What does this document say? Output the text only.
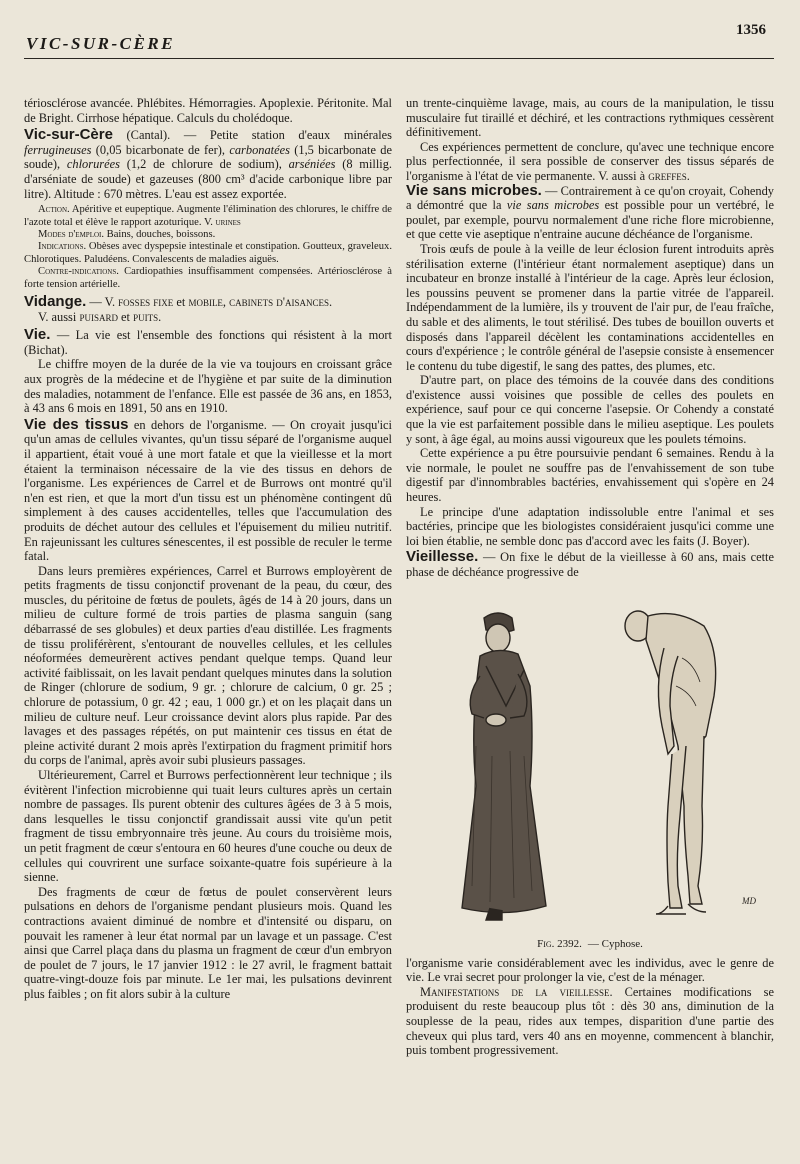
VIC-SUR-CÈRE
1356

tériosclérose avancée. Phlébites. Hémorragies. Apoplexie. Péritonite. Mal de Bright. Cirrhose hépatique. Calculs du cholédoque.

Vic-sur-Cère (Cantal). — Petite station d'eaux minérales ferrugineuses (0,05 bicarbonate de fer), carbonatées (1,5 bicarbonate de soude), chlorurées (1,2 de chlorure de sodium), arséniées (8 millig. d'arséniate de soude) et gazeuses (800 cm³ d'acide carbonique libre par litre). Altitude : 670 mètres. L'eau est assez exportée.

Action. Apéritive et eupeptique. Augmente l'élimination des chlorures, le chiffre de l'azote total et élève le rapport azoturique. V. urines

Modes d'emploi. Bains, douches, boissons.

Indications. Obèses avec dyspepsie intestinale et constipation. Goutteux, graveleux. Chlorotiques. Paludéens. Convalescents de maladies aiguës.

Contre-indications. Cardiopathies insuffisamment compensées. Artériosclérose à forte tension artérielle.

Vidange. — V. fosses fixe et mobile, cabinets d'aisances.

V. aussi puisard et puits.

Vie. — La vie est l'ensemble des fonctions qui résistent à la mort (Bichat).

Le chiffre moyen de la durée de la vie va toujours en croissant grâce aux progrès de la médecine et de l'hygiène et par suite de la diminution des maladies, notamment de l'enfance. Elle est passée de 36 ans, en 1853, à 43 ans 6 mois en 1891, 50 ans en 1910.

Vie des tissus en dehors de l'organisme. — On croyait jusqu'ici qu'un amas de cellules vivantes, qu'un tissu séparé de l'organisme auquel il appartient, était voué à une mort fatale et que la vieillesse et la mort étaient la terminaison nécessaire de la vie des tissus en dehors de l'organisme. Les expériences de Carrel et de Burrows ont montré qu'il n'en est rien, et que la mort d'un tissu est un phénomène contingent dû simplement à des causes accidentelles, telles que l'accumulation des produits de déchet autour des cellules et l'épuisement du milieu nutritif. En rajeunissant les cultures sénescentes, il est possible de reculer le terme fatal.

Dans leurs premières expériences, Carrel et Burrows employèrent de petits fragments de tissu conjonctif provenant de la peau, du cœur, des muscles, du péritoine de fœtus de poulets, âgés de 14 à 20 jours, dans un milieu de culture formé de trois parties de plasma sanguin (sang débarrassé de ses globules) et deux parties d'eau distillée. Les fragments de tissu proliférèrent, s'entourant de nouvelles cellules, et les cellules néoformées demeurèrent actives pendant quelque temps. Quand leur activité faiblissait, on les lavait pendant quelques minutes dans la solution de Ringer (chlorure de sodium, 9 gr. ; chlorure de calcium, 0 gr. 25 ; chlorure de potassium, 0 gr. 42 ; eau, 1 000 gr.) et on les plaçait dans un milieu de culture neuf. Leur croissance devint alors plus rapide. Par des lavages et des passages répétés, on put maintenir ces tissus en état de pleine activité durant 2 mois après l'extirpation du fragment primitif hors du corps de l'animal, après avoir subi plusieurs passages.

Ultérieurement, Carrel et Burrows perfectionnèrent leur technique ; ils évitèrent l'infection microbienne qui tuait leurs cultures après un certain nombre de passages. Ils purent obtenir des cultures âgées de 3 à 5 mois, dans lesquelles le tissu conjonctif grandissait aussi vite qu'un petit fragment de tissu embryonnaire très jeune. Au cours du troisième mois, un petit fragment de cœur s'entoura en 60 heures d'une couche ou deux de cellules qui couvrirent une surface soixante-quatre fois supérieure à la sienne.

Des fragments de cœur de fœtus de poulet conservèrent leurs pulsations en dehors de l'organisme pendant plusieurs mois. Quand les contractions avaient diminué de nombre et d'intensité ou disparu, on pouvait les ramener à leur état normal par un lavage et un passage. C'est ainsi que Carrel plaça dans du plasma un fragment de cœur d'un embryon de poulet de 7 jours, le 17 janvier 1912 : le 27 avril, le fragment battait quatre-vingt-douze fois par minute. Le 1er mai, les pulsations devinrent plus faibles ; on fit alors subir à la culture

un trente-cinquième lavage, mais, au cours de la manipulation, le tissu musculaire fut tiraillé et déchiré, et les contractions rythmiques cessèrent définitivement.

Ces expériences permettent de conclure, qu'avec une technique encore plus perfectionnée, il sera possible de conserver des tissus séparés de l'organisme à l'état de vie permanente. V. aussi à greffes.

Vie sans microbes. — Contrairement à ce qu'on croyait, Cohendy a démontré que la vie sans microbes est possible pour un vertébré, le poulet, par exemple, pourvu normalement d'une riche flore microbienne, et que cette vie aseptique n'entraine aucune déchéance de l'organisme.

Trois œufs de poule à la veille de leur éclosion furent introduits après stérilisation externe (l'intérieur étant normalement aseptique) dans un incubateur en bronze installé à l'intérieur de la cage. Après leur éclosion, les poussins peuvent se promener dans la partie vitrée de l'appareil. Indépendamment de la lumière, ils y trouvent de l'air pur, de l'eau fraîche, du sable et des aliments, le tout stérilisé. Des tubes de bouillon ouverts et disposés dans l'appareil décèlent les contaminations accidentelles en cours d'expérience ; le contrôle général de l'asepsie consiste à ensemencer le contenu du tube digestif, le sang des pattes, des plumes, etc.

D'autre part, on place des témoins de la couvée dans des conditions d'existence aussi voisines que possible de celles des poulets en expérience, sauf pour ce qui concerne l'asepsie. Or Cohendy a constaté que la vie est parfaitement possible dans le milieu aseptique. Les poulets y sont, à âge égal, au moins aussi vigoureux que les poulets témoins.

Cette expérience a pu être poursuivie pendant 6 semaines. Rendu à la vie normale, le poulet ne souffre pas de l'envahissement de son tube digestif par d'innombrables bactéries, envahissement qui s'opère en 24 heures.

Le principe d'une adaptation indissoluble entre l'animal et ses bactéries, principe que les biologistes considéraient jusqu'ici comme une loi bien établie, ne semble donc pas d'accord avec les faits (J. Boyer).

Vieillesse. — On fixe le début de la vieillesse à 60 ans, mais cette phase de déchéance progressive de

MD
Fig. 2392. — Cyphose.

l'organisme varie considérablement avec les individus, avec le genre de vie. Le vrai secret pour prolonger la vie, c'est de la ménager.

Manifestations de la vieillesse. Certaines modifications se produisent du reste beaucoup plus tôt : dès 30 ans, diminution de la souplesse de la peau, rides aux tempes, disparition d'une partie des cheveux qui plus tard, vers 40 ans en moyenne, commencent à blanchir, puis tombent progressivement.
